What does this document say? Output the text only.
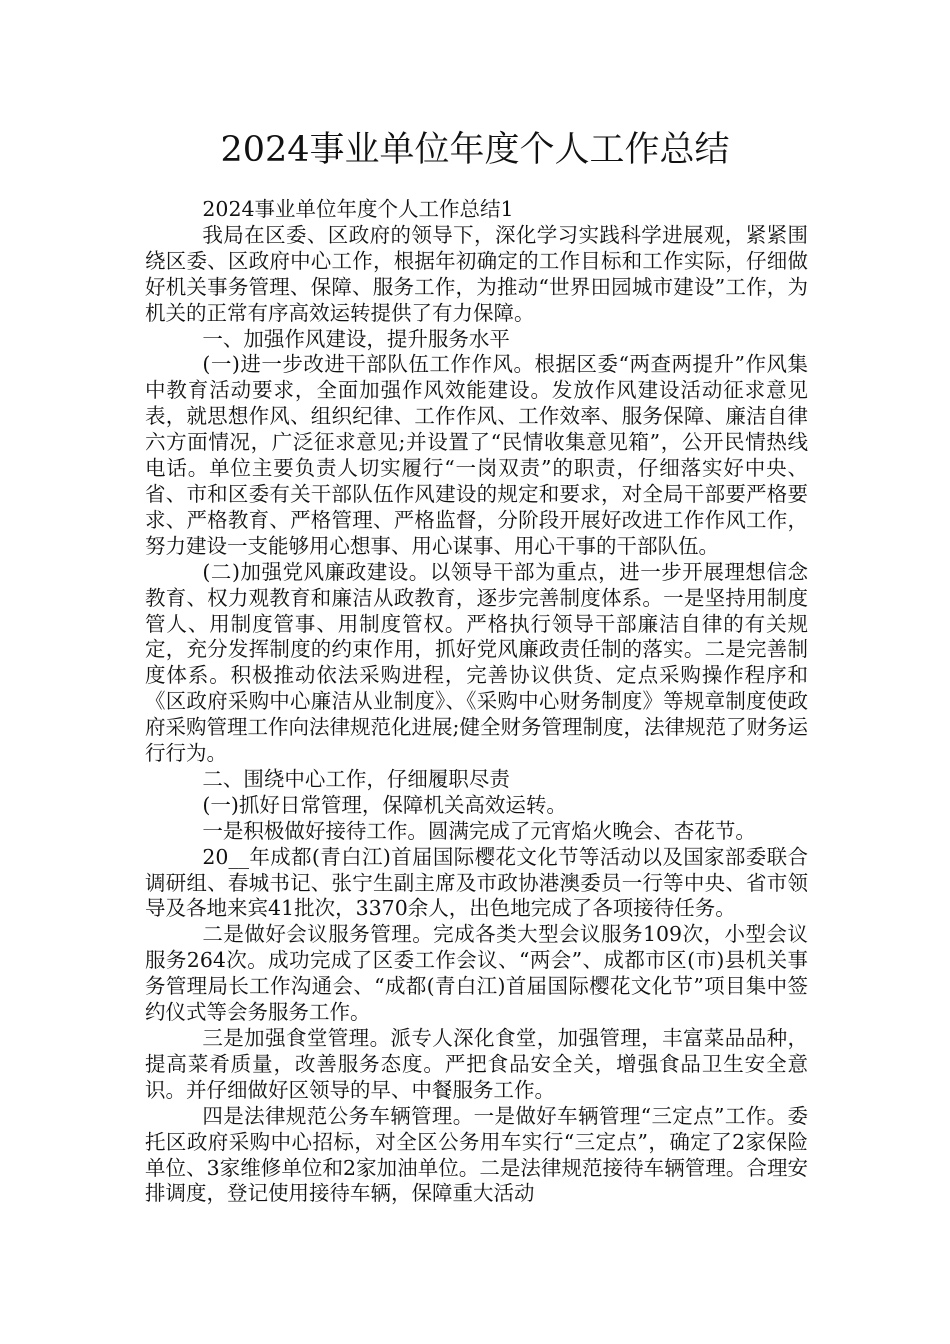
2024事业单位年度个人工作总结

2024事业单位年度个人工作总结1

我局在区委、区政府的领导下，深化学习实践科学进展观，紧紧围绕区委、区政府中心工作，根据年初确定的工作目标和工作实际，仔细做好机关事务管理、保障、服务工作，为推动“世界田园城市建设”工作，为机关的正常有序高效运转提供了有力保障。

一、加强作风建设，提升服务水平

(一)进一步改进干部队伍工作作风。根据区委“两查两提升”作风集中教育活动要求，全面加强作风效能建设。发放作风建设活动征求意见表，就思想作风、组织纪律、工作作风、工作效率、服务保障、廉洁自律六方面情况，广泛征求意见;并设置了“民情收集意见箱”，公开民情热线电话。单位主要负责人切实履行“一岗双责”的职责，仔细落实好中央、省、市和区委有关干部队伍作风建设的规定和要求，对全局干部要严格要求、严格教育、严格管理、严格监督，分阶段开展好改进工作作风工作，努力建设一支能够用心想事、用心谋事、用心干事的干部队伍。

(二)加强党风廉政建设。以领导干部为重点，进一步开展理想信念教育、权力观教育和廉洁从政教育，逐步完善制度体系。一是坚持用制度管人、用制度管事、用制度管权。严格执行领导干部廉洁自律的有关规定，充分发挥制度的约束作用，抓好党风廉政责任制的落实。二是完善制度体系。积极推动依法采购进程，完善协议供货、定点采购操作程序和《区政府采购中心廉洁从业制度》、《采购中心财务制度》等规章制度使政府采购管理工作向法律规范化进展;健全财务管理制度，法律规范了财务运行行为。

二、围绕中心工作，仔细履职尽责

(一)抓好日常管理，保障机关高效运转。

一是积极做好接待工作。圆满完成了元宵焰火晚会、杏花节。

20__年成都(青白江)首届国际樱花文化节等活动以及国家部委联合调研组、春城书记、张宁生副主席及市政协港澳委员一行等中央、省市领导及各地来宾41批次，3370余人，出色地完成了各项接待任务。

二是做好会议服务管理。完成各类大型会议服务109次，小型会议服务264次。成功完成了区委工作会议、“两会”、成都市区(市)县机关事务管理局长工作沟通会、“成都(青白江)首届国际樱花文化节”项目集中签约仪式等会务服务工作。

三是加强食堂管理。派专人深化食堂，加强管理，丰富菜品品种，提高菜肴质量，改善服务态度。严把食品安全关，增强食品卫生安全意识。并仔细做好区领导的早、中餐服务工作。

四是法律规范公务车辆管理。一是做好车辆管理“三定点”工作。委托区政府采购中心招标，对全区公务用车实行“三定点”，确定了2家保险单位、3家维修单位和2家加油单位。二是法律规范接待车辆管理。合理安排调度，登记使用接待车辆，保障重大活动
